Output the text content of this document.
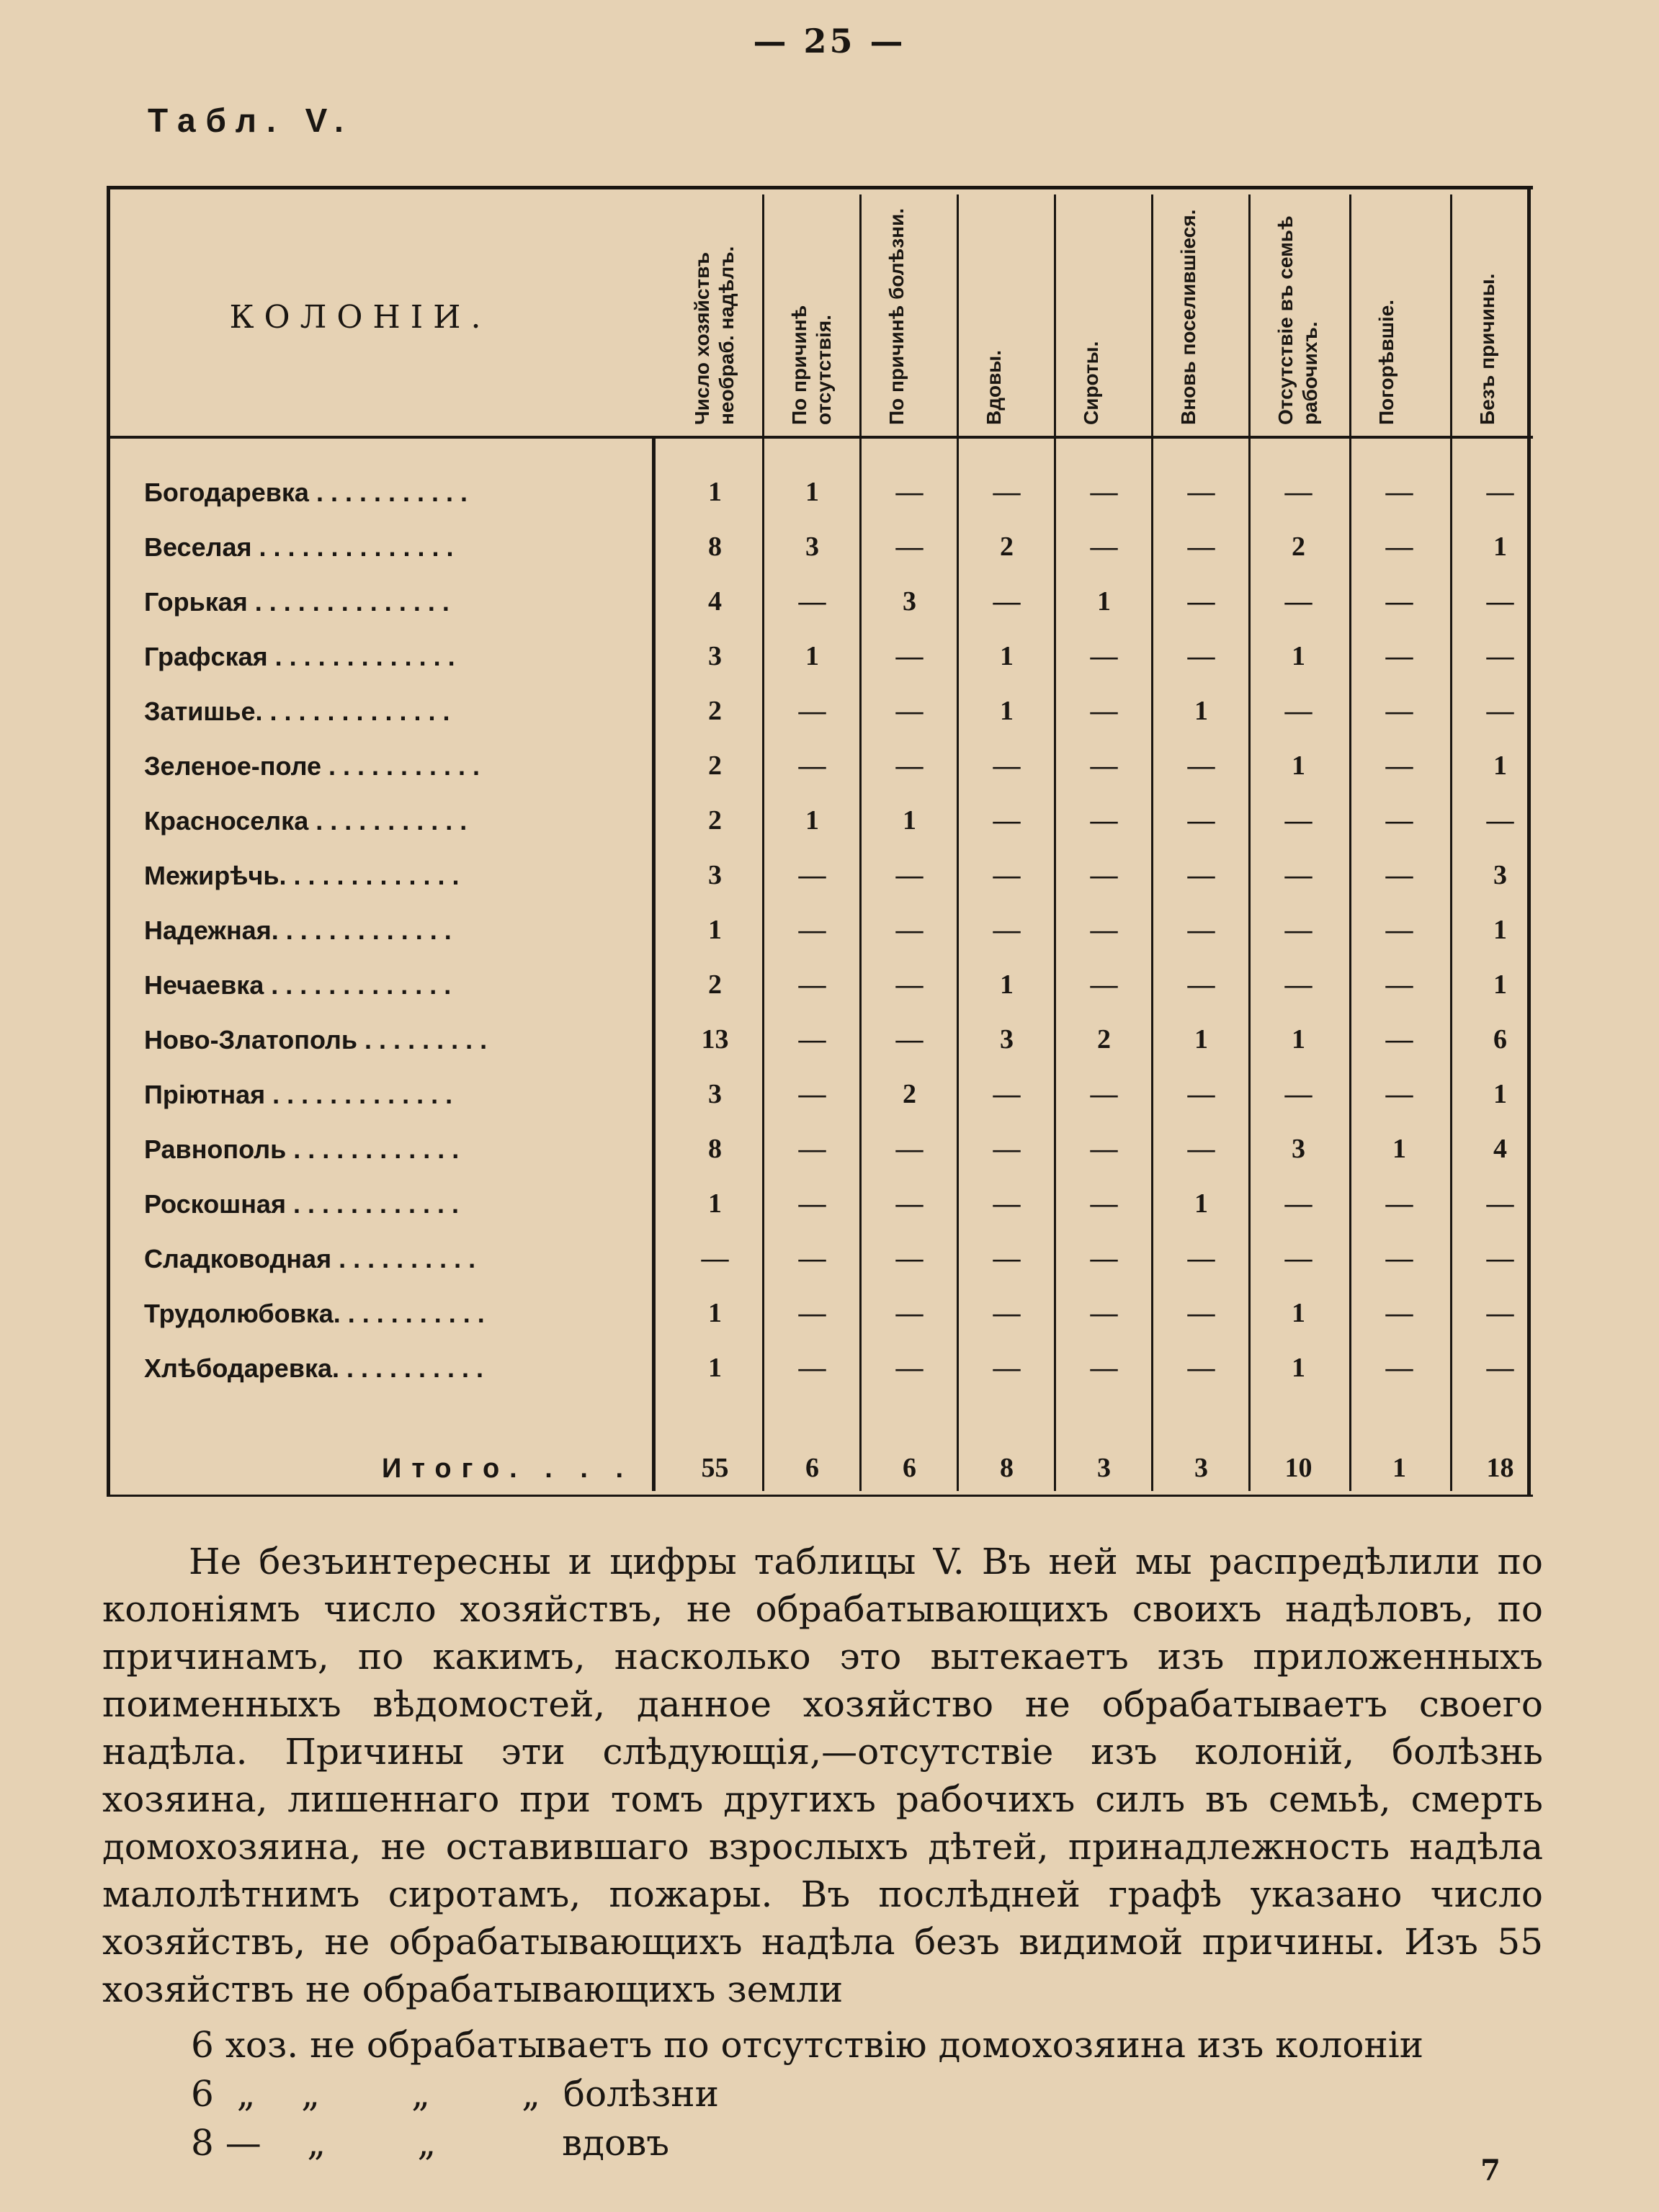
— 25 —
Табл. V.
КОЛОНІИ.	Число хозяйствъ необраб. надѣлъ.	По причинѣ отсутствія.	По причинѣ болѣзни.	Вдовы.	Сироты.	Вновь поселившіеся.	Отсутствіе въ семьѣ рабочихъ.	Погорѣвшіе.	Безъ причины.
Богодаревка . . . . . . . . . . .	1	1	—	—	—	—	—	—	—
Веселая . . . . . . . . . . . . . .	8	3	—	2	—	—	2	—	1
Горькая . . . . . . . . . . . . . .	4	—	3	—	1	—	—	—	—
Графская . . . . . . . . . . . . .	3	1	—	1	—	—	1	—	—
Затишье. . . . . . . . . . . . . .	2	—	—	1	—	1	—	—	—
Зеленое-поле . . . . . . . . . . .	2	—	—	—	—	—	1	—	1
Красноселка . . . . . . . . . . .	2	1	1	—	—	—	—	—	—
Межирѣчь. . . . . . . . . . . . .	3	—	—	—	—	—	—	—	3
Надежная. . . . . . . . . . . . .	1	—	—	—	—	—	—	—	1
Нечаевка . . . . . . . . . . . . .	2	—	—	1	—	—	—	—	1
Ново-Златополь . . . . . . . . .	13	—	—	3	2	1	1	—	6
Пріютная . . . . . . . . . . . . .	3	—	2	—	—	—	—	—	1
Равнополь . . . . . . . . . . . .	8	—	—	—	—	—	3	1	4
Роскошная . . . . . . . . . . . .	1	—	—	—	—	1	—	—	—
Сладководная . . . . . . . . . .	—	—	—	—	—	—	—	—	—
Трудолюбовка. . . . . . . . . . .	1	—	—	—	—	—	1	—	—
Хлѣбодаревка. . . . . . . . . . .	1	—	—	—	—	—	1	—	—
Итого. . . .	55	6	6	8	3	3	10	1	18
Не безъинтересны и цифры таблицы V. Въ ней мы распредѣлили по колоніямъ число хозяйствъ, не обрабатывающихъ своихъ надѣловъ, по причинамъ, по какимъ, насколько это вытекаетъ изъ приложенныхъ поименныхъ вѣдомостей, данное хозяйство не обрабатываетъ своего надѣла. Причины эти слѣдующія,—отсутствіе изъ колоній, болѣзнь хозяина, лишеннаго при томъ другихъ рабочихъ силъ въ семьѣ, смерть домохозяина, не оставившаго взрослыхъ дѣтей, принадлежность надѣла малолѣтнимъ сиротамъ, пожары. Въ послѣдней графѣ указано число хозяйствъ, не обрабатывающихъ надѣла безъ видимой причины. Изъ 55 хозяйствъ не обрабатывающихъ земли
6 хоз. не обрабатываетъ по отсутствію домохозяина изъ колоніи
6  „    „        „        „  болѣзни
8 —    „        „           вдовъ
7
